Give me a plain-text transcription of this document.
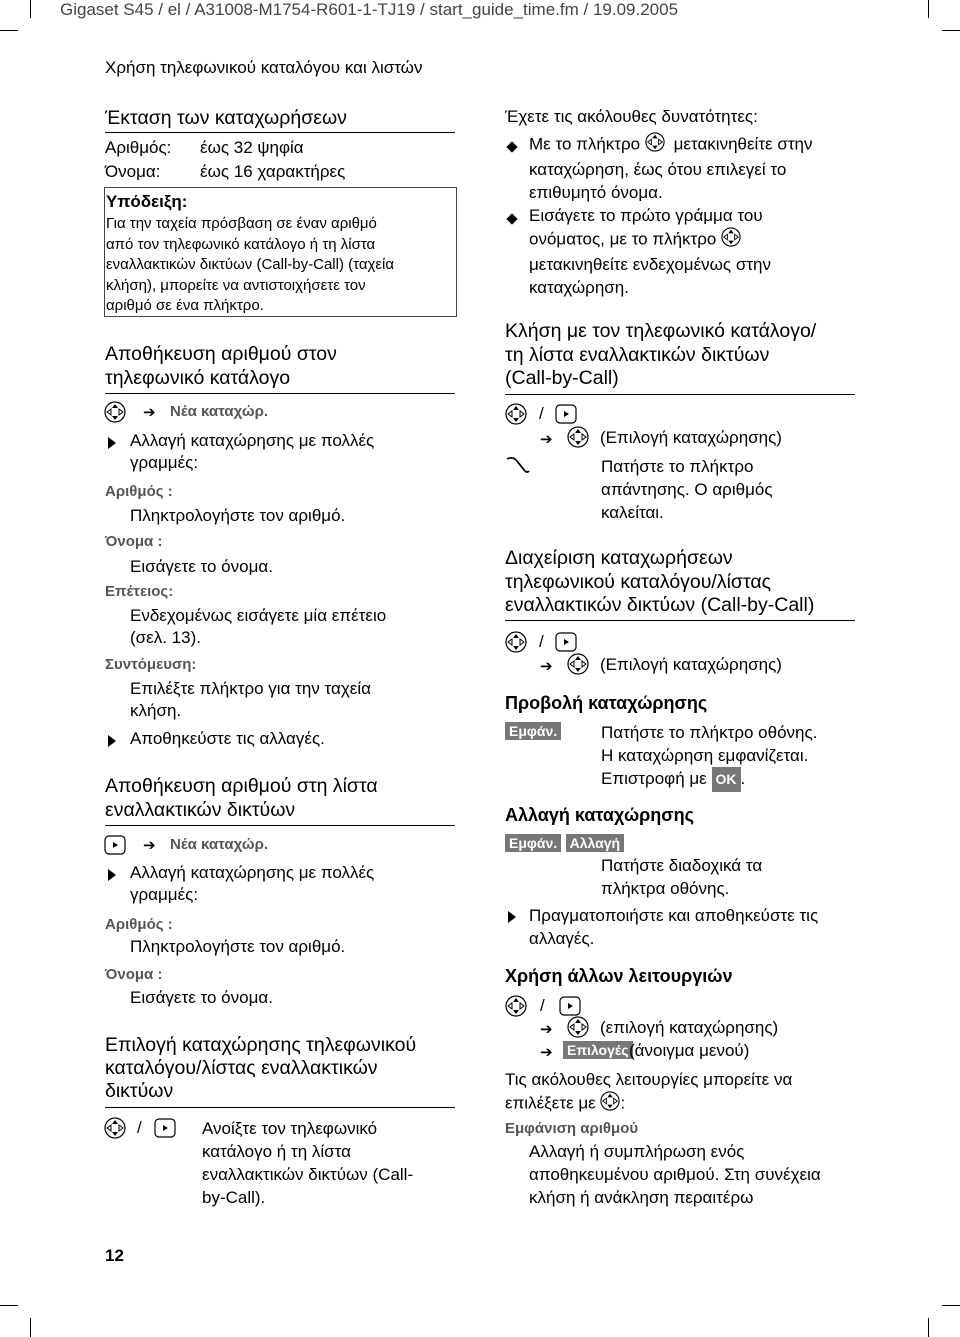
Gigaset S45 / el / A31008-M1754-R601-1-TJ19 / start_guide_time.fm / 19.09.2005
Χρήση τηλεφωνικού καταλόγου και λιστών
Έκταση των καταχωρήσεων
Αριθμός: έως 32 ψηφία
Όνομα: έως 16 χαρακτήρες
Υπόδειξη:
Για την ταχεία πρόσβαση σε έναν αριθμό
από τον τηλεφωνικό κατάλογο ή τη λίστα
εναλλακτικών δικτύων (Call-by-Call) (ταχεία
κλήση), μπορείτε να αντιστοιχήσετε τον
αριθμό σε ένα πλήκτρο.
Αποθήκευση αριθμού στον
τηλεφωνικό κατάλογο
➔ Νέα καταχώρ.
Αλλαγή καταχώρησης με πολλές
γραμμές:
Αριθμός :
Πληκτρολογήστε τον αριθμό.
Όνομα :
Εισάγετε το όνομα.
Επέτειος:
Ενδεχομένως εισάγετε μία επέτειο
(σελ. 13).
Συντόμευση:
Επιλέξτε πλήκτρο για την ταχεία
κλήση.
Αποθηκεύστε τις αλλαγές.
Αποθήκευση αριθμού στη λίστα
εναλλακτικών δικτύων
➔ Νέα καταχώρ.
Αλλαγή καταχώρησης με πολλές
γραμμές:
Αριθμός :
Πληκτρολογήστε τον αριθμό.
Όνομα :
Εισάγετε το όνομα.
Επιλογή καταχώρησης τηλεφωνικού
καταλόγου/λίστας εναλλακτικών
δικτύων
/	Ανοίξτε τον τηλεφωνικό
κατάλογο ή τη λίστα
εναλλακτικών δικτύων (Call-
by-Call).
12
Έχετε τις ακόλουθες δυνατότητες:
Με το πλήκτρο μετακινηθείτε στην
καταχώρηση, έως ότου επιλεγεί το
επιθυμητό όνομα.
Εισάγετε το πρώτο γράμμα του
ονόματος, με το πλήκτρο
μετακινηθείτε ενδεχομένως στην
καταχώρηση.
Κλήση με τον τηλεφωνικό κατάλογο/
τη λίστα εναλλακτικών δικτύων
(Call-by-Call)
/
➔	(Επιλογή καταχώρησης)
Πατήστε το πλήκτρο
απάντησης. Ο αριθμός
καλείται.
Διαχείριση καταχωρήσεων
τηλεφωνικού καταλόγου/λίστας
εναλλακτικών δικτύων (Call-by-Call)
/
➔	(Επιλογή καταχώρησης)
Προβολή καταχώρησης
Εμφάν.	Πατήστε το πλήκτρο οθόνης.
Η καταχώρηση εμφανίζεται.
Επιστροφή με OK .
Αλλαγή καταχώρησης
Εμφάν. Αλλαγή
Πατήστε διαδοχικά τα
πλήκτρα οθόνης.
Πραγματοποιήστε και αποθηκεύστε τις
αλλαγές.
Χρήση άλλων λειτουργιών
/
➔	(επιλογή καταχώρησης)
➔ Επιλογές (άνοιγμα μενού)
Τις ακόλουθες λειτουργίες μπορείτε να
επιλέξετε με :
Εμφάνιση αριθμού
Αλλαγή ή συμπλήρωση ενός
αποθηκευμένου αριθμού. Στη συνέχεια
κλήση ή ανάκληση περαιτέρω
